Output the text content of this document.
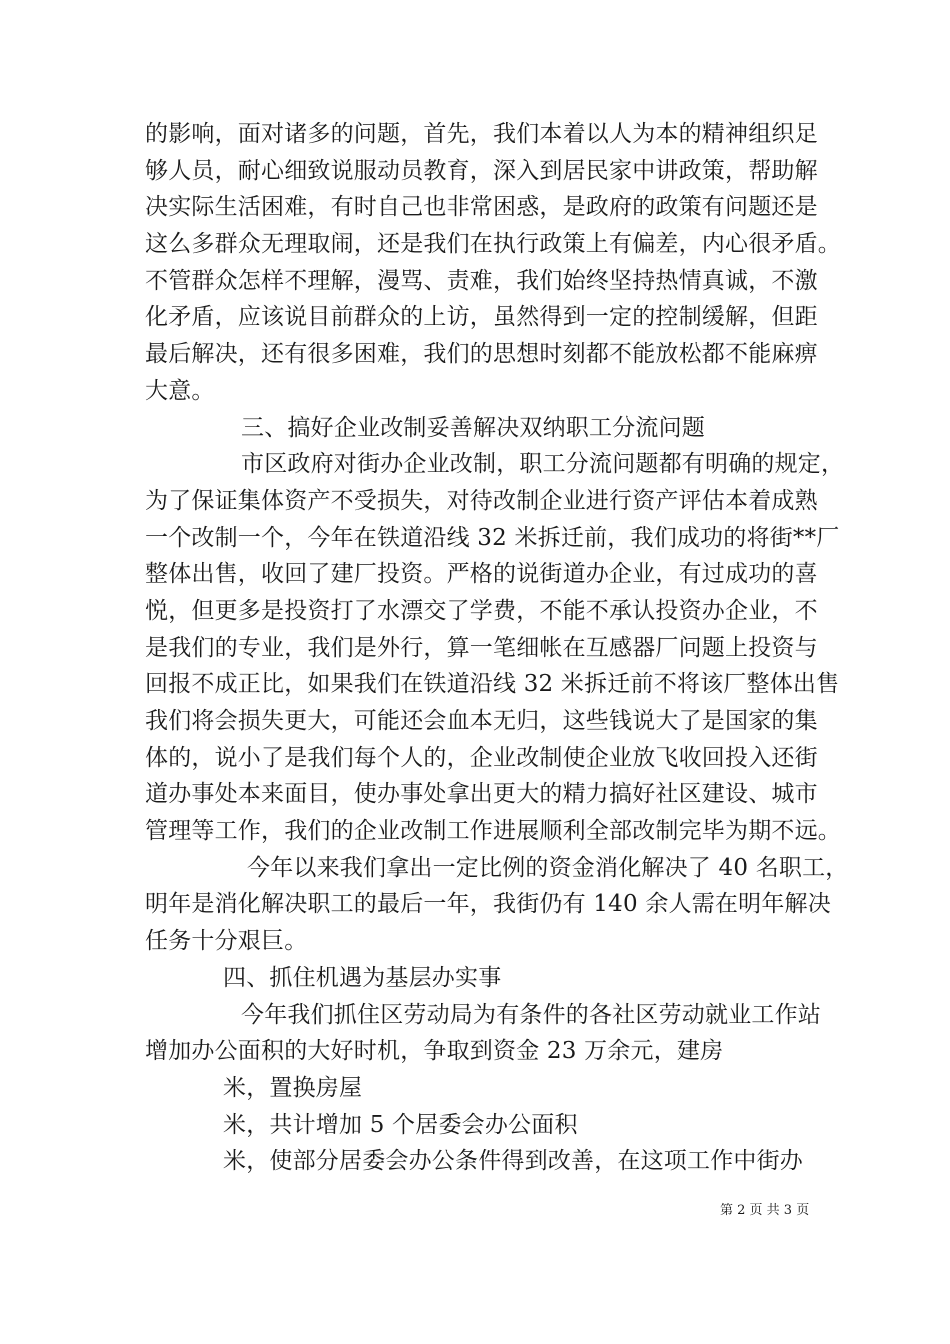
的影响，面对诸多的问题，首先，我们本着以人为本的精神组织足
够人员，耐心细致说服动员教育，深入到居民家中讲政策，帮助解
决实际生活困难，有时自己也非常困惑，是政府的政策有问题还是
这么多群众无理取闹，还是我们在执行政策上有偏差，内心很矛盾。
不管群众怎样不理解，漫骂、责难，我们始终坚持热情真诚，不激
化矛盾，应该说目前群众的上访，虽然得到一定的控制缓解，但距
最后解决，还有很多困难，我们的思想时刻都不能放松都不能麻痹
大意。
三、搞好企业改制妥善解决双纳职工分流问题
市区政府对街办企业改制，职工分流问题都有明确的规定，
为了保证集体资产不受损失，对待改制企业进行资产评估本着成熟
一个改制一个，今年在铁道沿线 32 米拆迁前，我们成功的将街**厂
整体出售，收回了建厂投资。严格的说街道办企业，有过成功的喜
悦，但更多是投资打了水漂交了学费，不能不承认投资办企业，不
是我们的专业，我们是外行，算一笔细帐在互感器厂问题上投资与
回报不成正比，如果我们在铁道沿线 32 米拆迁前不将该厂整体出售
我们将会损失更大，可能还会血本无归，这些钱说大了是国家的集
体的，说小了是我们每个人的，企业改制使企业放飞收回投入还街
道办事处本来面目，使办事处拿出更大的精力搞好社区建设、城市
管理等工作，我们的企业改制工作进展顺利全部改制完毕为期不远。
今年以来我们拿出一定比例的资金消化解决了 40 名职工，
明年是消化解决职工的最后一年，我街仍有 140 余人需在明年解决
任务十分艰巨。
四、抓住机遇为基层办实事
今年我们抓住区劳动局为有条件的各社区劳动就业工作站
增加办公面积的大好时机，争取到资金 23 万余元，建房
米，置换房屋
米，共计增加 5 个居委会办公面积
米，使部分居委会办公条件得到改善，在这项工作中街办
第 2 页 共 3 页
